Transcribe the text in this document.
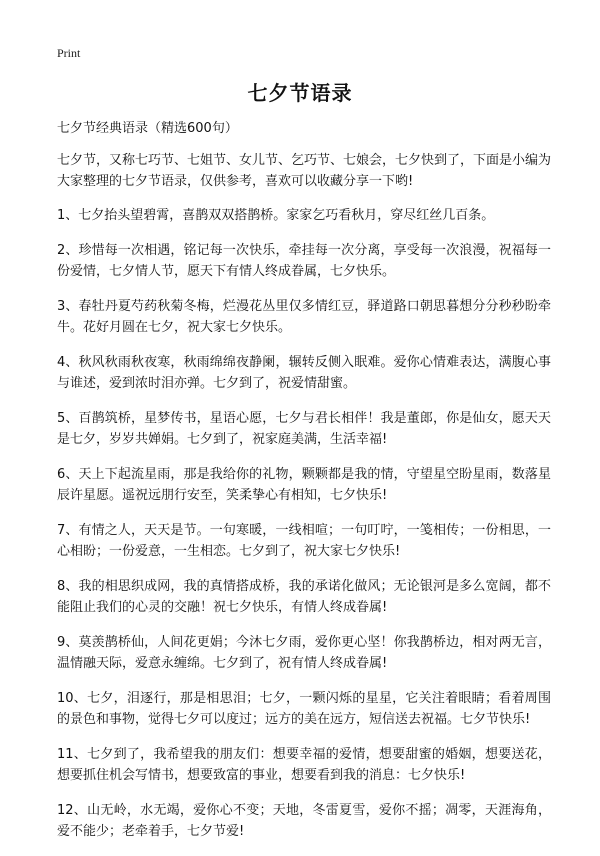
Print
七夕节语录

七夕节经典语录（精选600句）

七夕节，又称七巧节、七姐节、女儿节、乞巧节、七娘会，七夕快到了，下面是小编为大家整理的七夕节语录，仅供参考，喜欢可以收藏分享一下哟!

1、七夕抬头望碧霄，喜鹊双双搭鹊桥。家家乞巧看秋月，穿尽红丝几百条。

2、珍惜每一次相遇，铭记每一次快乐，牵挂每一次分离，享受每一次浪漫，祝福每一份爱情，七夕情人节，愿天下有情人终成眷属，七夕快乐。

3、春牡丹夏芍药秋菊冬梅，烂漫花丛里仅多情红豆，驿道路口朝思暮想分分秒秒盼牵牛。花好月圆在七夕，祝大家七夕快乐。

4、秋风秋雨秋夜寒，秋雨绵绵夜静阑，辗转反侧入眠难。爱你心情难表达，满腹心事与谁述，爱到浓时泪亦弹。七夕到了，祝爱情甜蜜。

5、百鹊筑桥，星梦传书，星语心愿，七夕与君长相伴！我是董郎，你是仙女，愿天天是七夕，岁岁共婵娟。七夕到了，祝家庭美满，生活幸福!

6、天上下起流星雨，那是我给你的礼物，颗颗都是我的情，守望星空盼星雨，数落星辰许星愿。遥祝远朋行安至，笑柔挚心有相知，七夕快乐!

7、有情之人，天天是节。一句寒暖，一线相喧；一句叮咛，一笺相传；一份相思，一心相盼；一份爱意，一生相恋。七夕到了，祝大家七夕快乐!

8、我的相思织成网，我的真情搭成桥，我的承诺化做风；无论银河是多么宽阔，都不能阻止我们的心灵的交融！祝七夕快乐，有情人终成眷属!

9、莫羡鹊桥仙，人间花更娟；今沐七夕雨，爱你更心坚！你我鹊桥边，相对两无言，温情融天际，爱意永缠绵。七夕到了，祝有情人终成眷属!

10、七夕，泪逐行，那是相思泪；七夕，一颗闪烁的星星，它关注着眼睛；看着周围的景色和事物，觉得七夕可以度过；远方的美在远方，短信送去祝福。七夕节快乐!

11、七夕到了，我希望我的朋友们：想要幸福的爱情，想要甜蜜的婚姻，想要送花，想要抓住机会写情书，想要致富的事业，想要看到我的消息：七夕快乐!

12、山无岭，水无竭，爱你心不变；天地，冬雷夏雪，爱你不摇；凋零，天涯海角，爱不能少；老牵着手，七夕节爱!
